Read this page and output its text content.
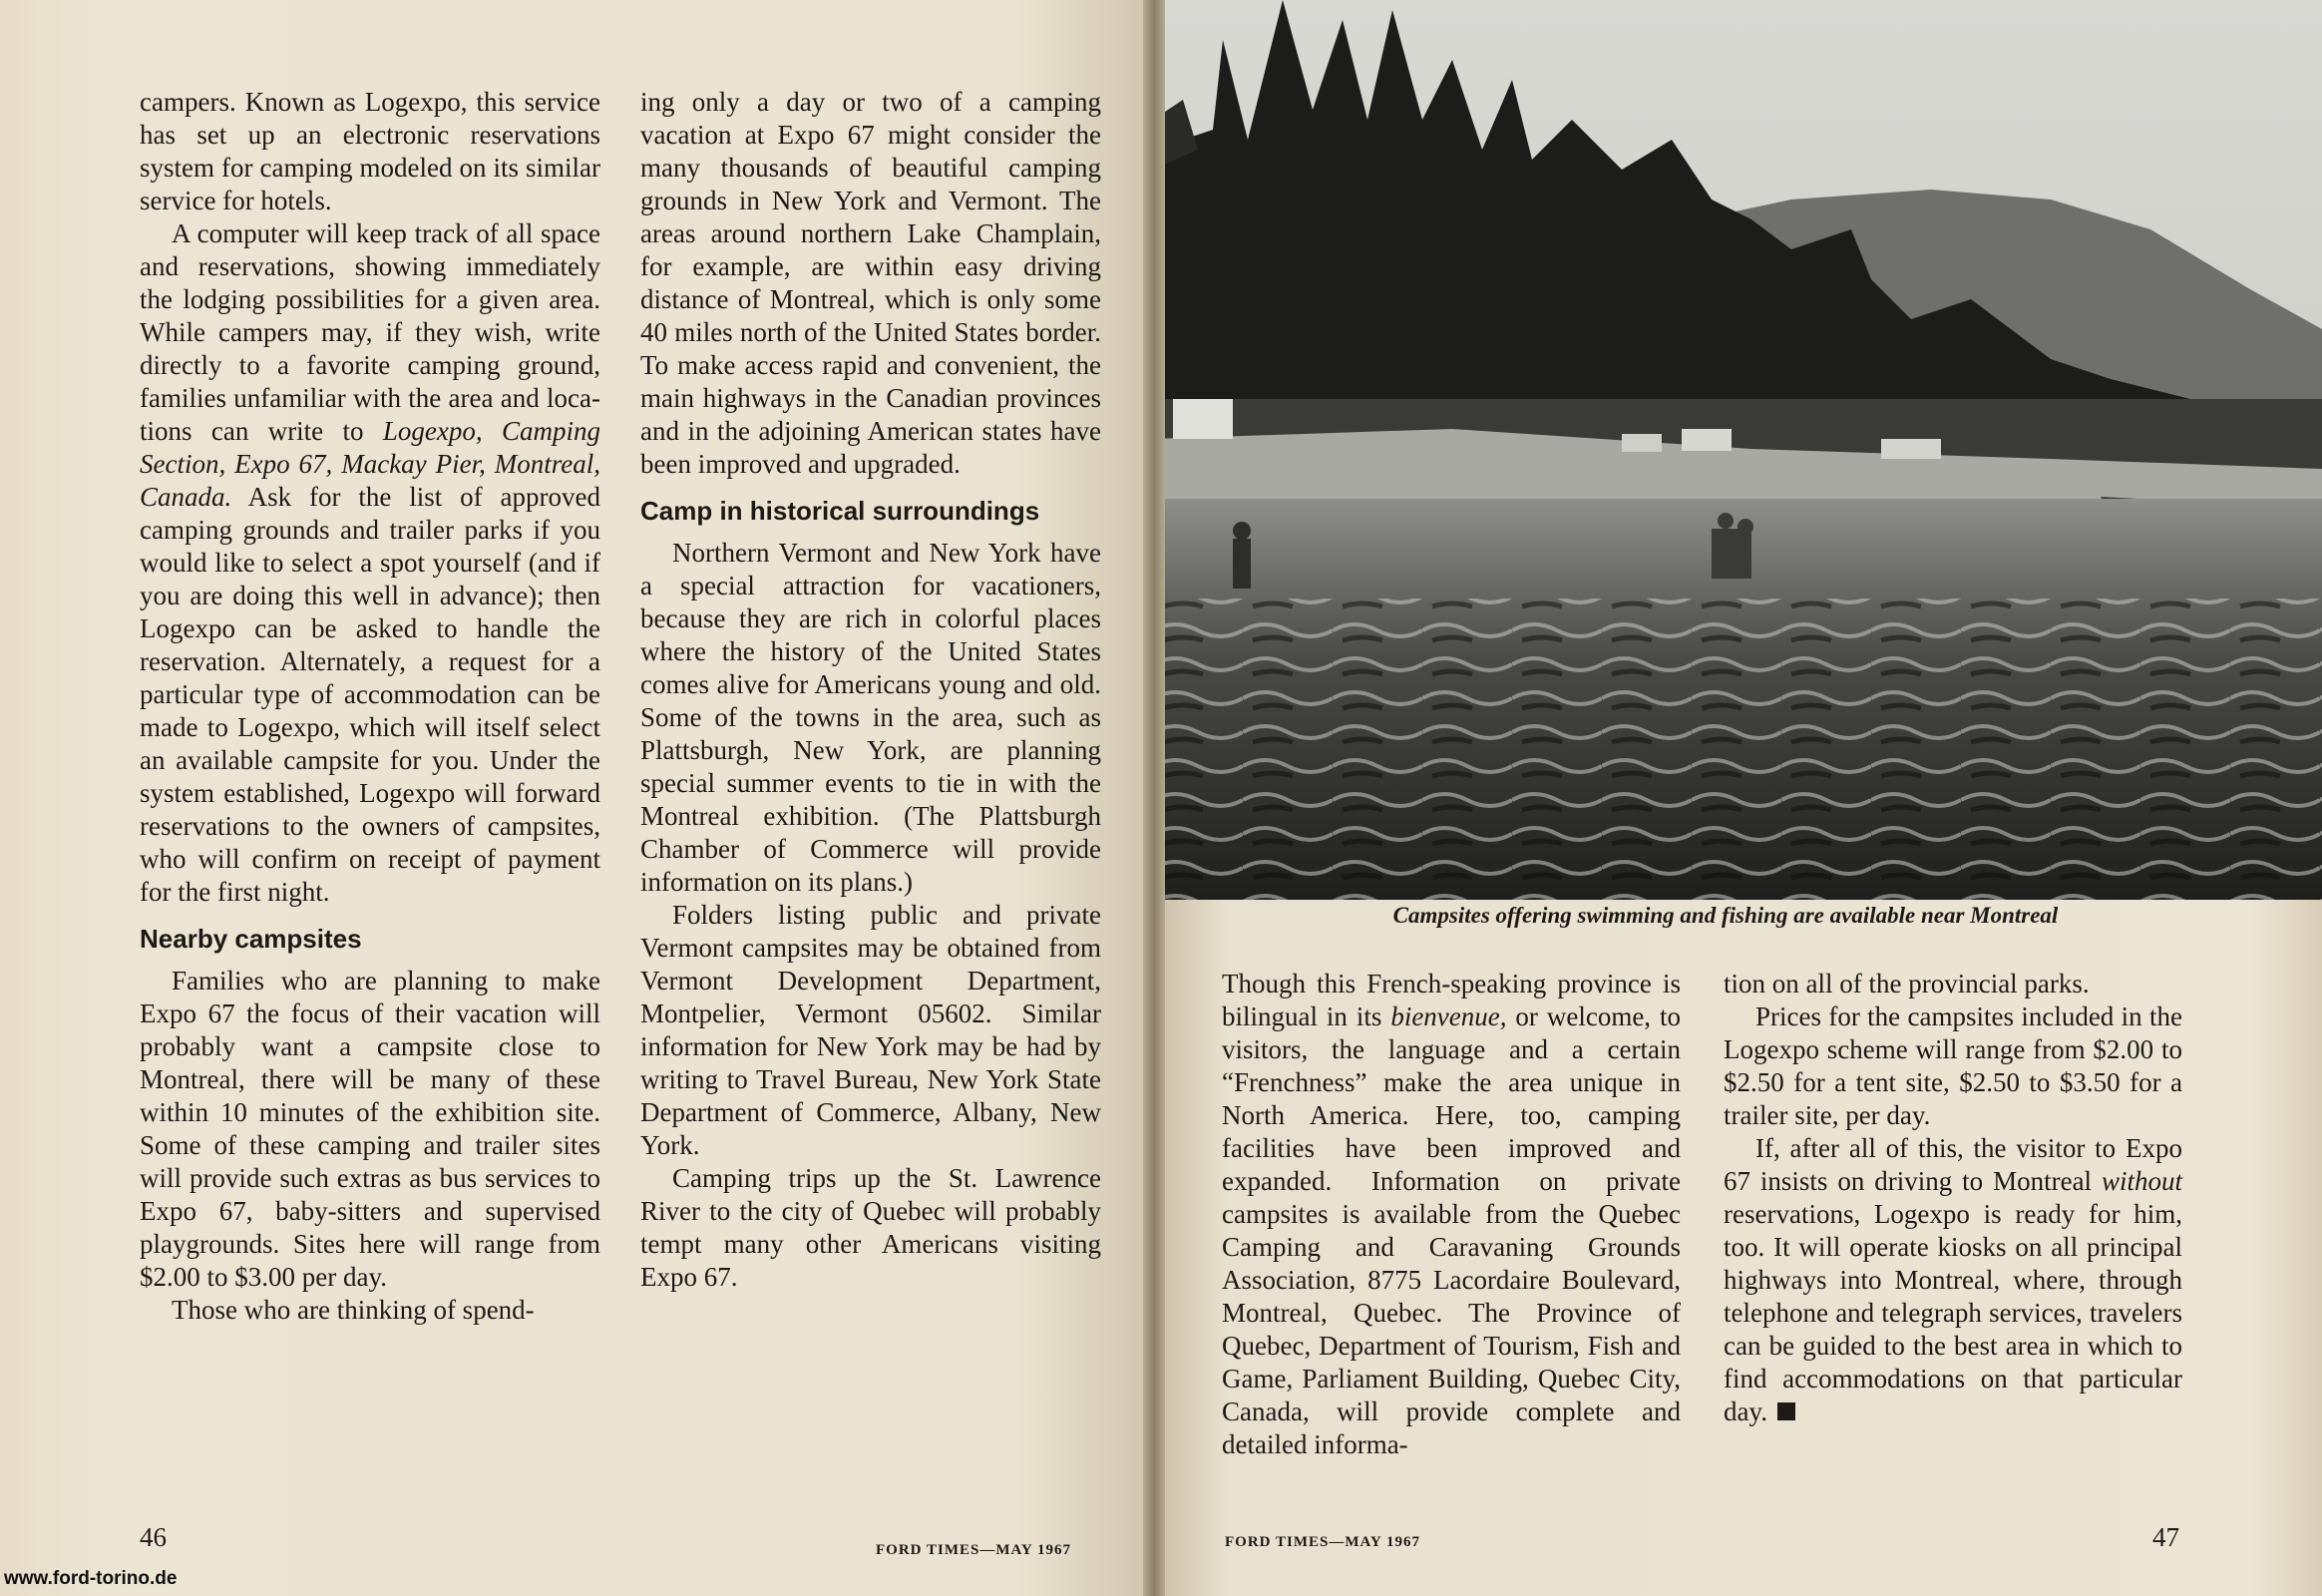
campers. Known as Logexpo, this service has set up an electronic reservations system for camping modeled on its similar service for hotels.

A computer will keep track of all space and reservations, showing immediately the lodging possibilities for a given area. While campers may, if they wish, write directly to a favorite camping ground, families unfamiliar with the area and locations can write to Logexpo, Camping Section, Expo 67, Mackay Pier, Montreal, Canada. Ask for the list of approved camping grounds and trailer parks if you would like to select a spot yourself (and if you are doing this well in advance); then Logexpo can be asked to handle the reservation. Alternately, a request for a particular type of accommodation can be made to Logexpo, which will itself select an available campsite for you. Under the system established, Logexpo will forward reservations to the owners of campsites, who will confirm on receipt of payment for the first night.

Nearby campsites

Families who are planning to make Expo 67 the focus of their vacation will probably want a campsite close to Montreal, there will be many of these within 10 minutes of the exhibition site. Some of these camping and trailer sites will provide such extras as bus services to Expo 67, baby-sitters and supervised playgrounds. Sites here will range from $2.00 to $3.00 per day.

Those who are thinking of spend-

ing only a day or two of a camping vacation at Expo 67 might consider the many thousands of beautiful camping grounds in New York and Vermont. The areas around northern Lake Champlain, for example, are within easy driving distance of Montreal, which is only some 40 miles north of the United States border. To make access rapid and convenient, the main highways in the Canadian provinces and in the adjoining American states have been improved and upgraded.

Camp in historical surroundings

Northern Vermont and New York have a special attraction for vacationers, because they are rich in colorful places where the history of the United States comes alive for Americans young and old. Some of the towns in the area, such as Plattsburgh, New York, are planning special summer events to tie in with the Montreal exhibition. (The Plattsburgh Chamber of Commerce will provide information on its plans.)

Folders listing public and private Vermont campsites may be obtained from Vermont Development Department, Montpelier, Vermont 05602. Similar information for New York may be had by writing to Travel Bureau, New York State Department of Commerce, Albany, New York.

Camping trips up the St. Lawrence River to the city of Quebec will probably tempt many other Americans visiting Expo 67.

46	FORD TIMES—MAY 1967
www.ford-torino.de
Campsites offering swimming and fishing are available near Montreal

Though this French-speaking province is bilingual in its bienvenue, or welcome, to visitors, the language and a certain “Frenchness” make the area unique in North America. Here, too, camping facilities have been improved and expanded. Information on private campsites is available from the Quebec Camping and Caravaning Grounds Association, 8775 Lacordaire Boulevard, Montreal, Quebec. The Province of Quebec, Department of Tourism, Fish and Game, Parliament Building, Quebec City, Canada, will provide complete and detailed informa-

tion on all of the provincial parks.

Prices for the campsites included in the Logexpo scheme will range from $2.00 to $2.50 for a tent site, $2.50 to $3.50 for a trailer site, per day.

If, after all of this, the visitor to Expo 67 insists on driving to Montreal without reservations, Logexpo is ready for him, too. It will operate kiosks on all principal highways into Montreal, where, through telephone and telegraph services, travelers can be guided to the best area in which to find accommodations on that particular day.

FORD TIMES—MAY 1967	47
